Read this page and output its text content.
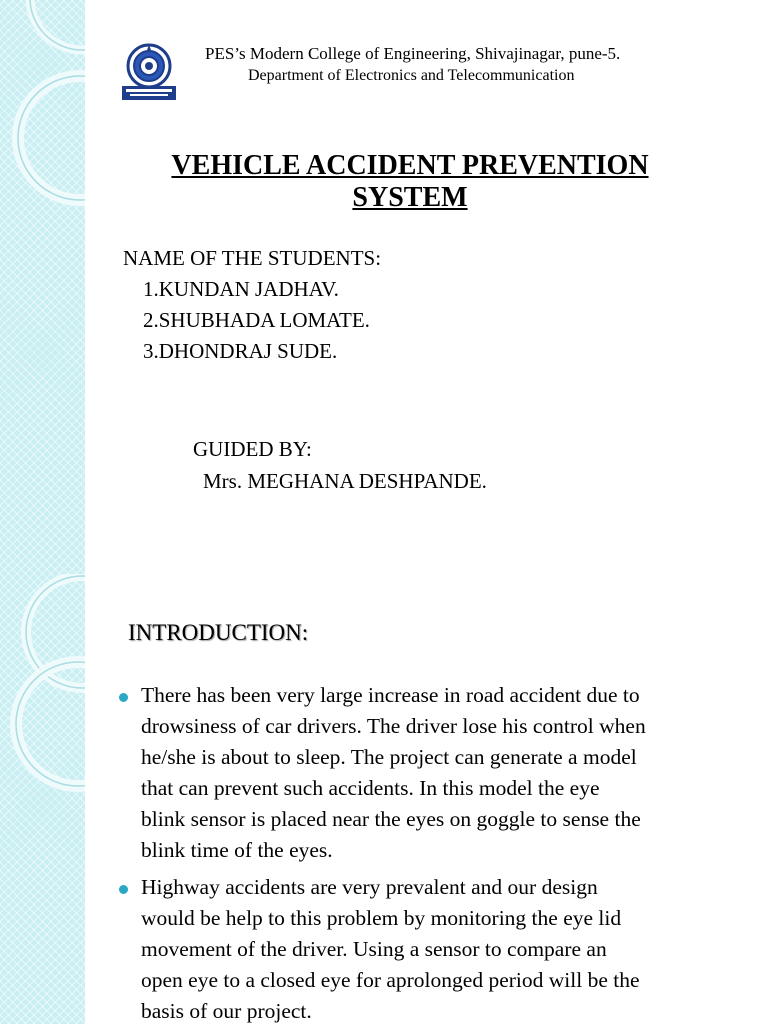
PES’s Modern College of Engineering, Shivajinagar, pune-5.
Department of Electronics and Telecommunication
VEHICLE ACCIDENT PREVENTION SYSTEM
NAME OF THE STUDENTS:
1.KUNDAN JADHAV.
2.SHUBHADA LOMATE.
3.DHONDRAJ SUDE.
GUIDED BY:
Mrs. MEGHANA DESHPANDE.
INTRODUCTION:
There has been very large increase in road accident due to
drowsiness of car drivers. The driver lose his control when
he/she is about to sleep. The project can generate a model
that can prevent such accidents. In this model the eye
blink sensor is placed near the eyes on goggle to sense the
blink time of the eyes.
Highway accidents are very prevalent and our design
would be help to this problem by monitoring the eye lid
movement of the driver. Using a sensor to compare an
open eye to a closed eye for aprolonged period will be the
basis of our project.
